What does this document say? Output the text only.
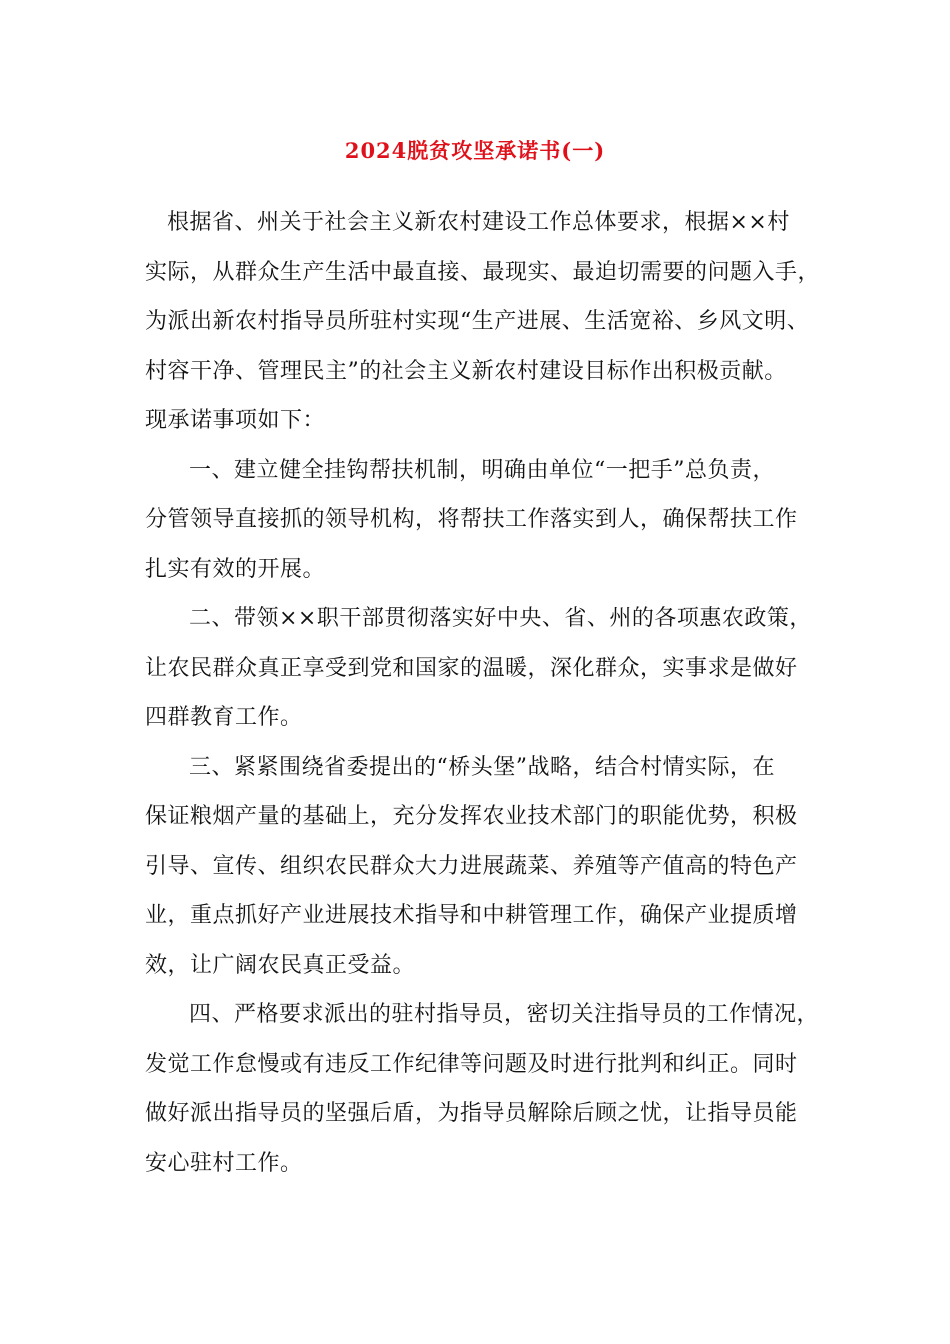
2024脱贫攻坚承诺书(一)

根据省、州关于社会主义新农村建设工作总体要求，根据××村
实际，从群众生产生活中最直接、最现实、最迫切需要的问题入手，
为派出新农村指导员所驻村实现“生产进展、生活宽裕、乡风文明、
村容干净、管理民主”的社会主义新农村建设目标作出积极贡献。
现承诺事项如下：

一、建立健全挂钩帮扶机制，明确由单位“一把手”总负责，
分管领导直接抓的领导机构，将帮扶工作落实到人，确保帮扶工作
扎实有效的开展。

二、带领××职干部贯彻落实好中央、省、州的各项惠农政策，
让农民群众真正享受到党和国家的温暖，深化群众，实事求是做好
四群教育工作。

三、紧紧围绕省委提出的“桥头堡”战略，结合村情实际，在
保证粮烟产量的基础上，充分发挥农业技术部门的职能优势，积极
引导、宣传、组织农民群众大力进展蔬菜、养殖等产值高的特色产
业，重点抓好产业进展技术指导和中耕管理工作，确保产业提质增
效，让广阔农民真正受益。

四、严格要求派出的驻村指导员，密切关注指导员的工作情况，
发觉工作怠慢或有违反工作纪律等问题及时进行批判和纠正。同时
做好派出指导员的坚强后盾，为指导员解除后顾之忧，让指导员能
安心驻村工作。
